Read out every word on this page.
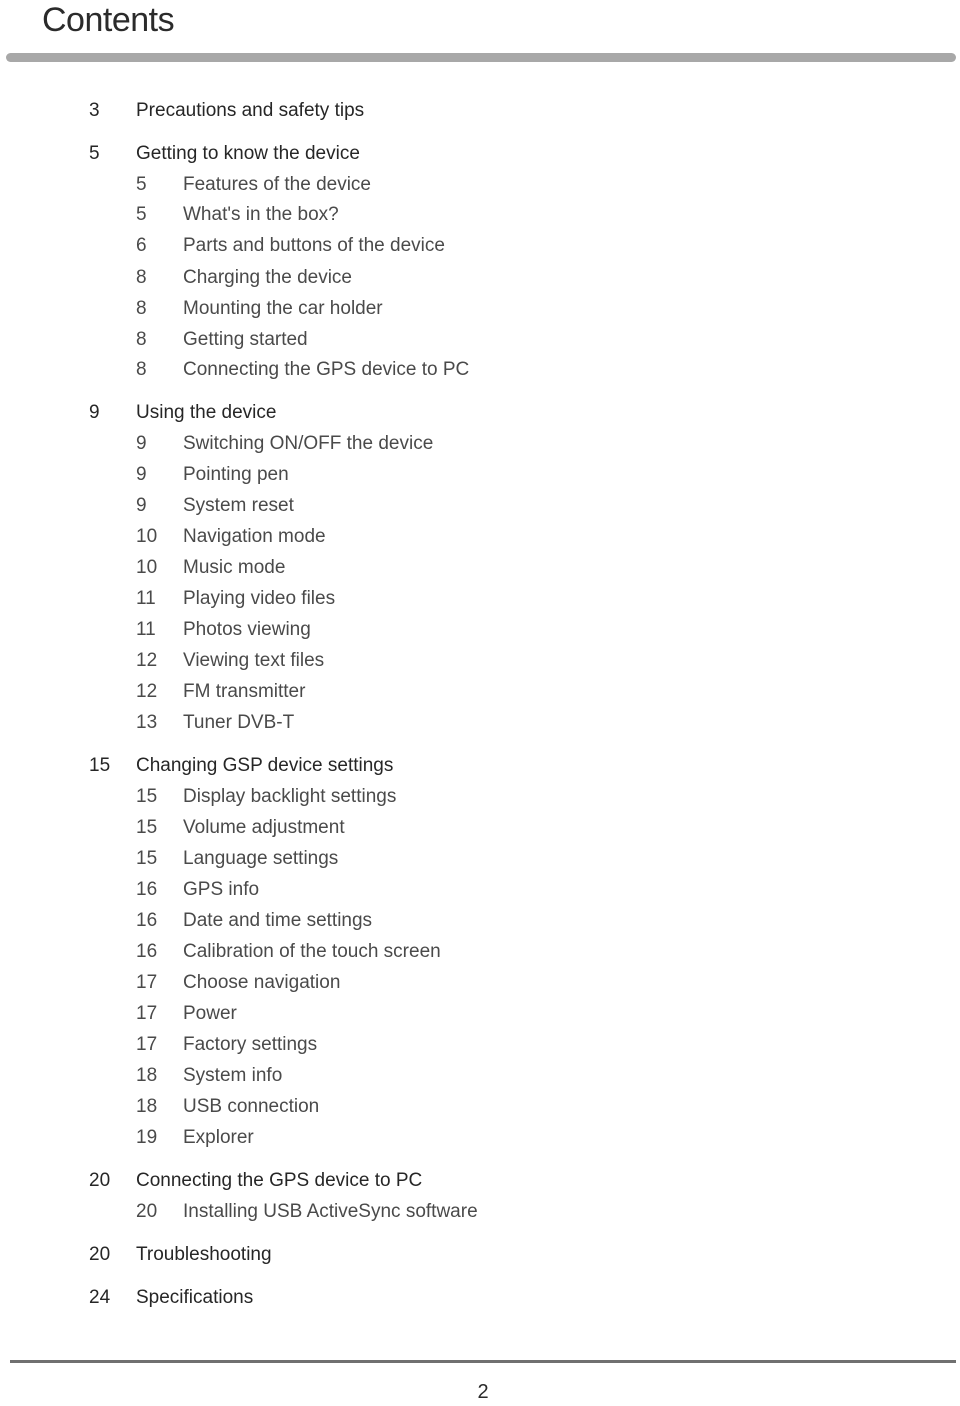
Contents
3 Precautions and safety tips
5 Getting to know the device
5 Features of the device
5 What's in the box?
6 Parts and buttons of the device
8 Charging the device
8 Mounting the car holder
8 Getting started
8 Connecting the GPS device to PC
9 Using the device
9 Switching ON/OFF the device
9 Pointing pen
9 System reset
10 Navigation mode
10 Music mode
11 Playing video files
11 Photos viewing
12 Viewing text files
12 FM transmitter
13 Tuner DVB-T
15 Changing GSP device settings
15 Display backlight settings
15 Volume adjustment
15 Language settings
16 GPS info
16 Date and time settings
16 Calibration of the touch screen
17 Choose navigation
17 Power
17 Factory settings
18 System info
18 USB connection
19 Explorer
20 Connecting the GPS device to PC
20 Installing USB ActiveSync software
20 Troubleshooting
24 Specifications
2
